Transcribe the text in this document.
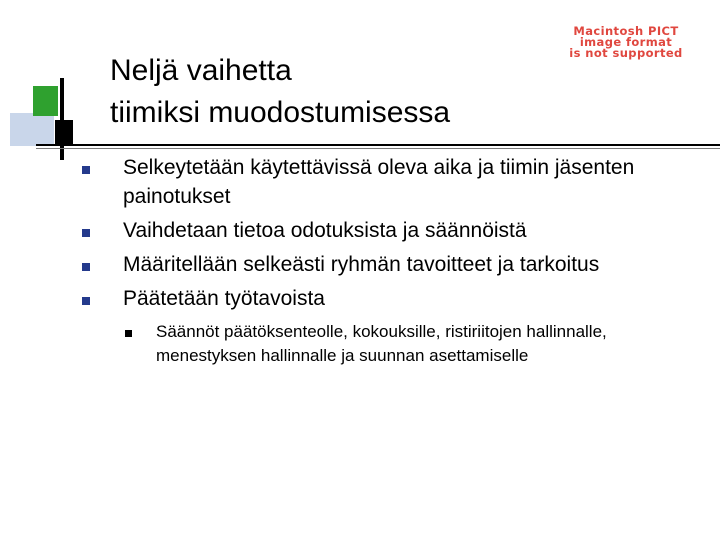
Macintosh PICT
image format
is not supported
Neljä vaihetta
tiimiksi muodostumisessa
Selkeytetään käytettävissä oleva aika ja tiimin jäsenten painotukset
Vaihdetaan tietoa odotuksista ja säännöistä
Määritellään selkeästi ryhmän tavoitteet ja tarkoitus
Päätetään työtavoista
Säännöt päätöksenteolle, kokouksille, ristiriitojen hallinnalle, menestyksen hallinnalle ja suunnan asettamiselle
